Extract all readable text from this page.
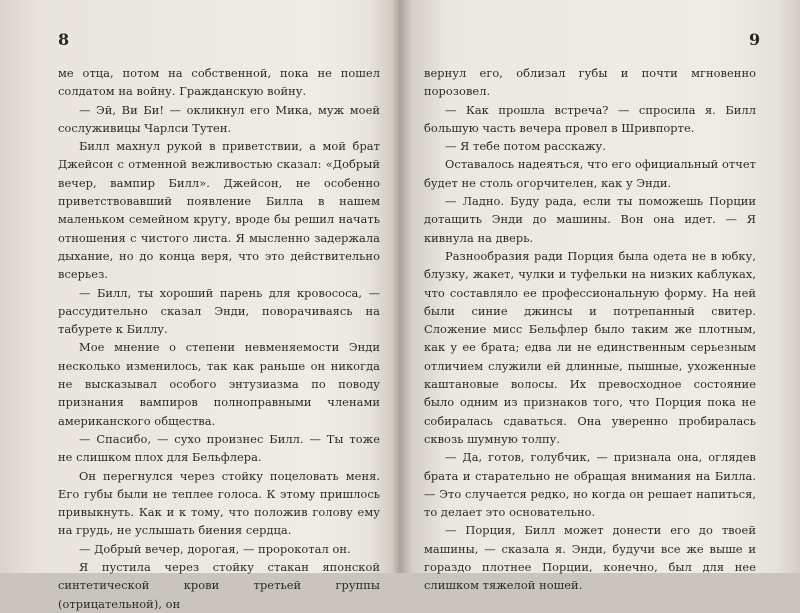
8

ме отца, потом на собственной, пока не пошел солдатом на войну. Гражданскую войну.

— Эй, Ви Би! — окликнул его Мика, муж моей сослуживицы Чарлси Тутен.

Билл махнул рукой в приветствии, а мой брат Джейсон с отменной вежливостью сказал: «Добрый вечер, вампир Билл». Джейсон, не особенно приветствовавший появление Билла в нашем маленьком семейном кругу, вроде бы решил начать отношения с чистого листа. Я мысленно задержала дыхание, но до конца веря, что это действительно всерьез.

— Билл, ты хороший парень для кровососа, — рассудительно сказал Энди, поворачиваясь на табурете к Биллу.

Мое мнение о степени невменяемости Энди несколько изменилось, так как раньше он никогда не высказывал особого энтузиазма по поводу признания вампиров полноправными членами американского общества.

— Спасибо, — сухо произнес Билл. — Ты тоже не слишком плох для Бельфлера.

Он перегнулся через стойку поцеловать меня. Его губы были не теплее голоса. К этому пришлось привыкнуть. Как и к тому, что положив голову ему на грудь, не услышать биения сердца.

— Добрый вечер, дорогая, — пророкотал он.

Я пустила через стойку стакан японской синтетической крови третьей группы (отрицательной), он

9

вернул его, облизал губы и почти мгновенно порозовел.

— Как прошла встреча? — спросила я. Билл большую часть вечера провел в Шривпорте.

— Я тебе потом расскажу.

Оставалось надеяться, что его официальный отчет будет не столь огорчителен, как у Энди.

— Ладно. Буду рада, если ты поможешь Порции дотащить Энди до машины. Вон она идет. — Я кивнула на дверь.

Разнообразия ради Порция была одета не в юбку, блузку, жакет, чулки и туфельки на низких каблуках, что составляло ее профессиональную форму. На ней были синие джинсы и потрепанный свитер. Сложение мисс Бельфлер было таким же плотным, как у ее брата; едва ли не единственным серьезным отличием служили ей длинные, пышные, ухоженные каштановые волосы. Их превосходное состояние было одним из признаков того, что Порция пока не собиралась сдаваться. Она уверенно пробиралась сквозь шумную толпу.

— Да, готов, голубчик, — признала она, оглядев брата и старательно не обращая внимания на Билла. — Это случается редко, но когда он решает напиться, то делает это основательно.

— Порция, Билл может донести его до твоей машины, — сказала я. Энди, будучи все же выше и гораздо плотнее Порции, конечно, был для нее слишком тяжелой ношей.
